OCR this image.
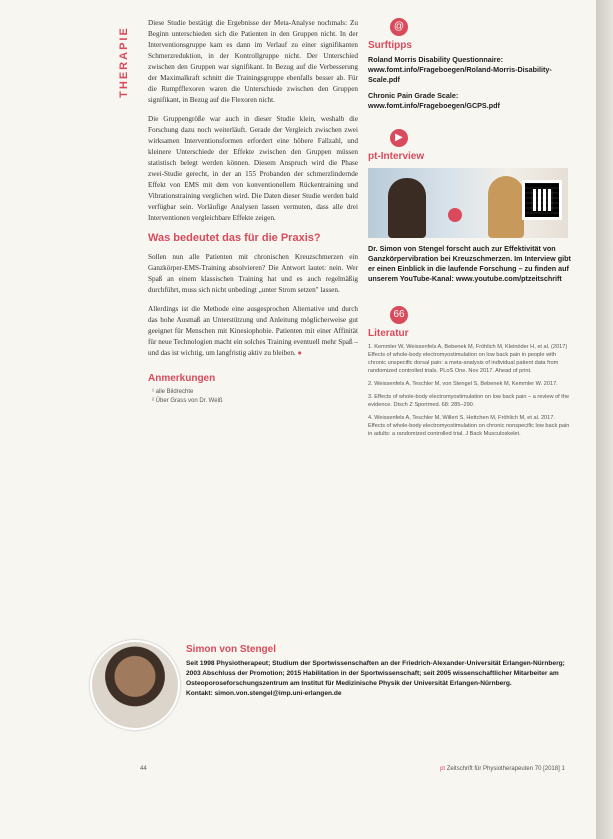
THERAPIE

Diese Studie bestätigt die Ergebnisse der Meta-Analyse nochmals: Zu Beginn unterschieden sich die Patienten in den Gruppen nicht. In der Interventionsgruppe kam es dann im Verlauf zu einer signifikanten Schmerzreduktion, in der Kontrollgruppe nicht. Der Unterschied zwischen den Gruppen war signifikant. In Bezug auf die Verbesserung der Maximalkraft schnitt die Trainingsgruppe ebenfalls besser ab. Für die Rumpfflexoren waren die Unterschiede zwischen den Gruppen signifikant, in Bezug auf die Flexoren nicht.

Die Gruppengröße war auch in dieser Studie klein, weshalb die Forschung dazu noch weiterläuft. Gerade der Vergleich zwischen zwei wirksamen Interventionsformen erfordert eine höhere Fallzahl, und kleinere Unterschiede der Effekte zwischen den Gruppen müssen statistisch belegt werden können. Diesem Anspruch wird die Phase zwei-Studie gerecht, in der an 155 Probanden der schmerzlindernde Effekt von EMS mit dem von konventionellem Rückentraining und Vibrationstraining verglichen wird. Die Daten dieser Studie werden bald verfügbar sein. Vorläufige Analysen lassen vermuten, dass alle drei Interventionen vergleichbare Effekte zeigen.

Was bedeutet das für die Praxis?

Sollen nun alle Patienten mit chronischen Kreuzschmerzen ein Ganzkörper-EMS-Training absolvieren? Die Antwort lautet: nein. Wer Spaß an einem klassischen Training hat und es auch regelmäßig durchführt, muss sich nicht unbedingt „unter Strom setzen" lassen.

Allerdings ist die Methode eine ausgesprochen Alternative und durch das hohe Ausmaß an Unterstützung und Anleitung möglicherweise gut geeignet für Menschen mit Kinesiophobie. Patienten mit einer Affinität für neue Technologien macht ein solches Training eventuell mehr Spaß – und das ist wichtig, um langfristig aktiv zu bleiben. ●

Anmerkungen
¹ alle Bildrechte
² Über Grass von Dr. Weiß
@
Surftipps

Roland Morris Disability Questionnaire:
www.fomt.info/Frageboegen/Roland-Morris-Disability-Scale.pdf

Chronic Pain Grade Scale:
www.fomt.info/Frageboegen/GCPS.pdf

▶
pt-Interview

Dr. Simon von Stengel forscht auch zur Effektivität von Ganzkörpervibration bei Kreuzschmerzen. Im Interview gibt er einen Einblick in die laufende Forschung – zu finden auf unserem YouTube-Kanal: www.youtube.com/ptzeitschrift

66
Literatur
1. Kemmler W, Weissenfels A, Bebenek M, Fröhlich M, Kleinöder H, et al. (2017) Effects of whole-body electromyostimulation on low back pain in people with chronic unspecific dorsal pain: a meta-analysis of individual patient data from randomized controlled trials. PLoS One. Nov 2017. Ahead of print.
2. Weissenfels A, Teschler M, von Stengel S, Bebenek M, Kemmler W. 2017.
3. Effects of whole-body electromyostimulation on low back pain – a review of the evidence. Dtsch Z Sportmed. 68: 285–290.
4. Weissenfels A, Teschler M, Willert S, Hettchen M, Fröhlich M, et al. 2017. Effects of whole-body electromyostimulation on chronic nonspecific low back pain in adults: a randomized controlled trial. J Back Musculoskelet.
Simon von Stengel

Seit 1998 Physiotherapeut; Studium der Sportwissenschaften an der Friedrich-Alexander-Universität Erlangen-Nürnberg; 2003 Abschluss der Promotion; 2015 Habilitation in der Sportwissenschaft; seit 2005 wissenschaftlicher Mitarbeiter am Osteoporoseforschungszentrum am Institut für Medizinische Physik der Universität Erlangen-Nürnberg.

Kontakt: simon.von.stengel@imp.uni-erlangen.de

44	pt Zeitschrift für Physiotherapeuten 70 [2018] 1
